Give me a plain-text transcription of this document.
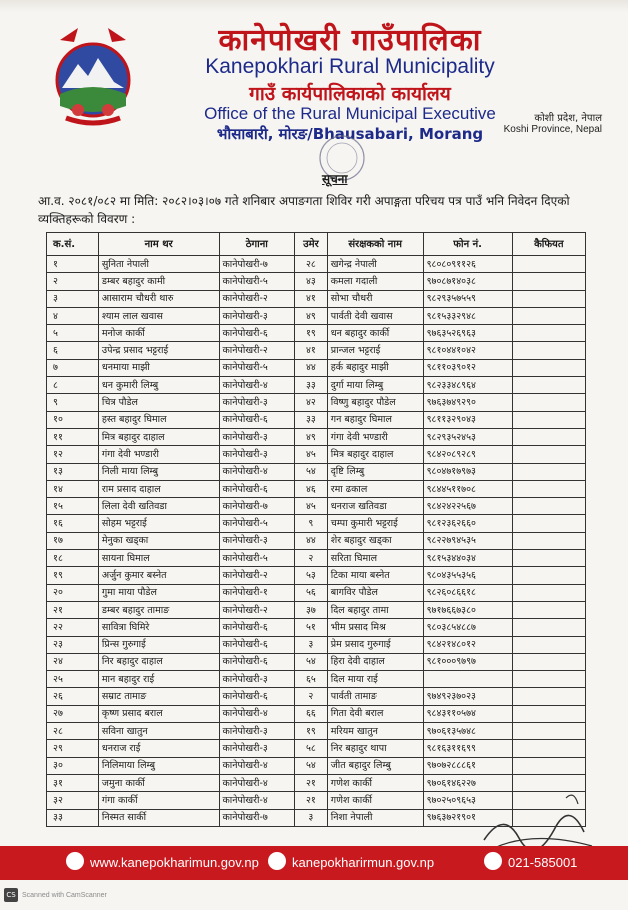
कानेपोखरी गाउँपालिका
Kanepokhari Rural Municipality
गाउँ कार्यपालिकाको कार्यालय
Office of the Rural Municipal Executive
भौसाबारी, मोरङ/Bhausabari, Morang
कोशी प्रदेश, नेपाल
Koshi Province, Nepal
सूचना
आ.व. २०८१/०८२ मा मिति: २०८२।०३।०७ गते शनिबार अपाङगता शिविर गरी अपाङ्गता परिचय पत्र पाउँ भनि निवेदन दिएको व्यक्तिहरूको विवरण :
क.सं.	नाम थर	ठेगाना	उमेर	संरक्षकको नाम	फोन नं.	कैफियत
१	सुनिता नेपाली	कानेपोखरी-७	२८	खगेन्द्र नेपाली	९८०८०९११२६	
२	डम्बर बहादुर कामी	कानेपोखरी-५	४३	कमला गदाली	९७०८७१४०३८	
३	आसाराम चौधरी थारु	कानेपोखरी-२	४१	सोभा चौधरी	९८२९३५७५५९	
४	श्याम लाल खवास	कानेपोखरी-३	४९	पार्वती देवी खवास	९८१५३३२९४८	
५	मनोज कार्की	कानेपोखरी-६	१९	धन बहादुर कार्की	९७६३५२६९६३	
६	उपेन्द्र प्रसाद भट्टराई	कानेपोखरी-२	४१	प्रान्जल भट्टराई	९८१०४४१०४२	
७	धनमाया माझी	कानेपोखरी-५	४४	हर्क बहादुर माझी	९८११०३९०१२	
८	धन कुमारी लिम्बु	कानेपोखरी-४	३३	दुर्गा माया लिम्बु	९८२३३४८९६४	
९	चित्र पौडेल	कानेपोखरी-३	४२	विष्णु बहादुर पौडेल	९७६३७४९२९०	
१०	हस्त बहादुर घिमाल	कानेपोखरी-६	३३	गन बहादुर घिमाल	९८११३२९०४३	
११	मित्र बहादुर दाहाल	कानेपोखरी-३	४९	गंगा देवी भण्डारी	९८२९३५२४५३	
१२	गंगा देवी भण्डारी	कानेपोखरी-३	४५	मित्र बहादुर दाहाल	९८४२०८९२८९	
१३	निली माया लिम्बु	कानेपोखरी-४	५४	दृष्टि लिम्बु	९८०४७१७९७३	
१४	राम प्रसाद दाहाल	कानेपोखरी-६	४६	रमा ढकाल	९८४४५११७०८	
१५	लिला देवी खतिवडा	कानेपोखरी-७	४५	धनराज खतिवडा	९८४२४२२५६७	
१६	सोहम भट्टराई	कानेपोखरी-५	९	चम्पा कुमारी भट्टराई	९८१२३६२६६०	
१७	मेनुका खड्का	कानेपोखरी-३	४४	शेर बहादुर खड्का	९८२२७९४५३५	
१८	सायना घिमाल	कानेपोखरी-५	२	सरिता घिमाल	९८१५३४४०३४	
१९	अर्जुन कुमार बस्नेत	कानेपोखरी-२	५३	टिका माया बस्नेत	९८०४३५५३५६	
२०	गुमा माया पौडेल	कानेपोखरी-१	५६	बागविर पौडेल	९८२६०८६६१८	
२१	डम्बर बहादुर तामाङ	कानेपोखरी-२	३७	दिल बहादुर तामा	९७१७६६७३८०	
२२	सावित्रा घिमिरे	कानेपोखरी-६	५१	भीम प्रसाद मिश्र	९८०३८५४८८७	
२३	प्रिन्स गुरुगाई	कानेपोखरी-६	३	प्रेम प्रसाद गुरुगाई	९८४२१४८०१२	
२४	निर बहादुर दाहाल	कानेपोखरी-६	५४	हिरा देवी दाहाल	९८१०००९७९७	
२५	मान बहादुर राई	कानेपोखरी-३	६५	दिल माया राई		
२६	सम्राट तामाङ	कानेपोखरी-६	२	पार्वती तामाङ	९७४९२३७०२३	
२७	कृष्ण प्रसाद बराल	कानेपोखरी-४	६६	गिता देवी बराल	९८४३११०५७४	
२८	सविना खातुन	कानेपोखरी-३	१९	मरियम खातुन	९७०६१३५७४८	
२९	धनराज राई	कानेपोखरी-३	५८	निर बहादुर थापा	९८१६३११६९९	
३०	निलिमाया लिम्बु	कानेपोखरी-४	५४	जीत बहादुर लिम्बु	९७०७२८८८६१	
३१	जमुना कार्की	कानेपोखरी-४	२१	गणेश कार्की	९७०६१४६२२७	
३२	गंगा कार्की	कानेपोखरी-४	२१	गणेश कार्की	९७०२५०९६५३	
३३	निस्मत सार्की	कानेपोखरी-७	३	निशा नेपाली	९७६३७२१९०१	
www.kanepokharimun.gov.np	kanepokharirmun.gov.np	021-585001
CS Scanned with CamScanner
